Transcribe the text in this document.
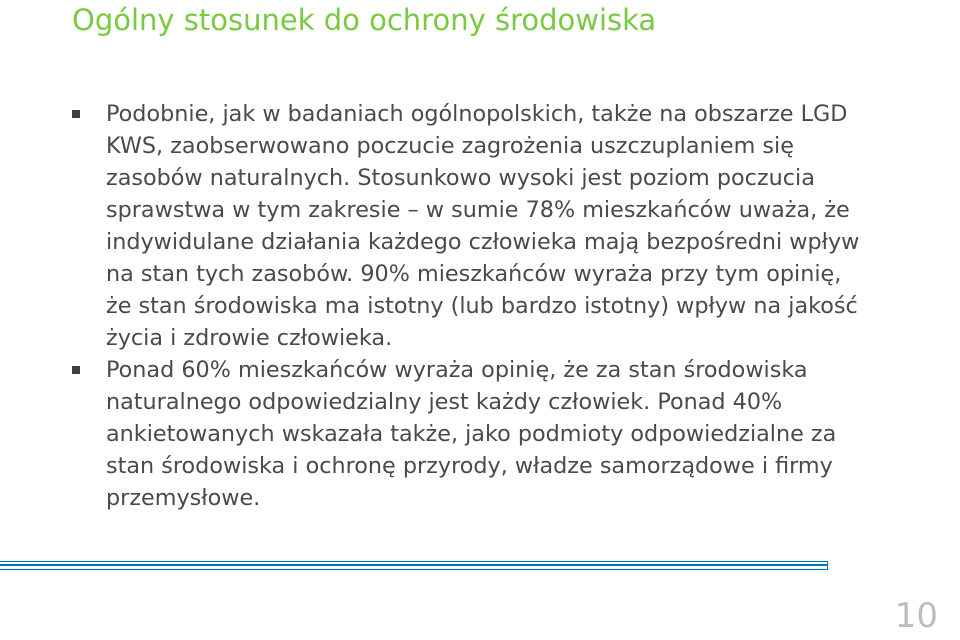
Ogólny stosunek do ochrony środowiska
Podobnie, jak w badaniach ogólnopolskich, także na obszarze LGD KWS, zaobserwowano poczucie zagrożenia uszczuplaniem się zasobów naturalnych. Stosunkowo wysoki jest poziom poczucia sprawstwa w tym zakresie – w sumie 78% mieszkańców uważa, że indywidulane działania każdego człowieka mają bezpośredni wpływ na stan tych zasobów. 90% mieszkańców wyraża przy tym opinię, że stan środowiska ma istotny (lub bardzo istotny) wpływ na jakość życia i zdrowie człowieka.
Ponad 60% mieszkańców wyraża opinię, że za stan środowiska naturalnego odpowiedzialny jest każdy człowiek. Ponad 40% ankietowanych wskazała także, jako podmioty odpowiedzialne za stan środowiska i ochronę przyrody, władze samorządowe i firmy przemysłowe.
10
